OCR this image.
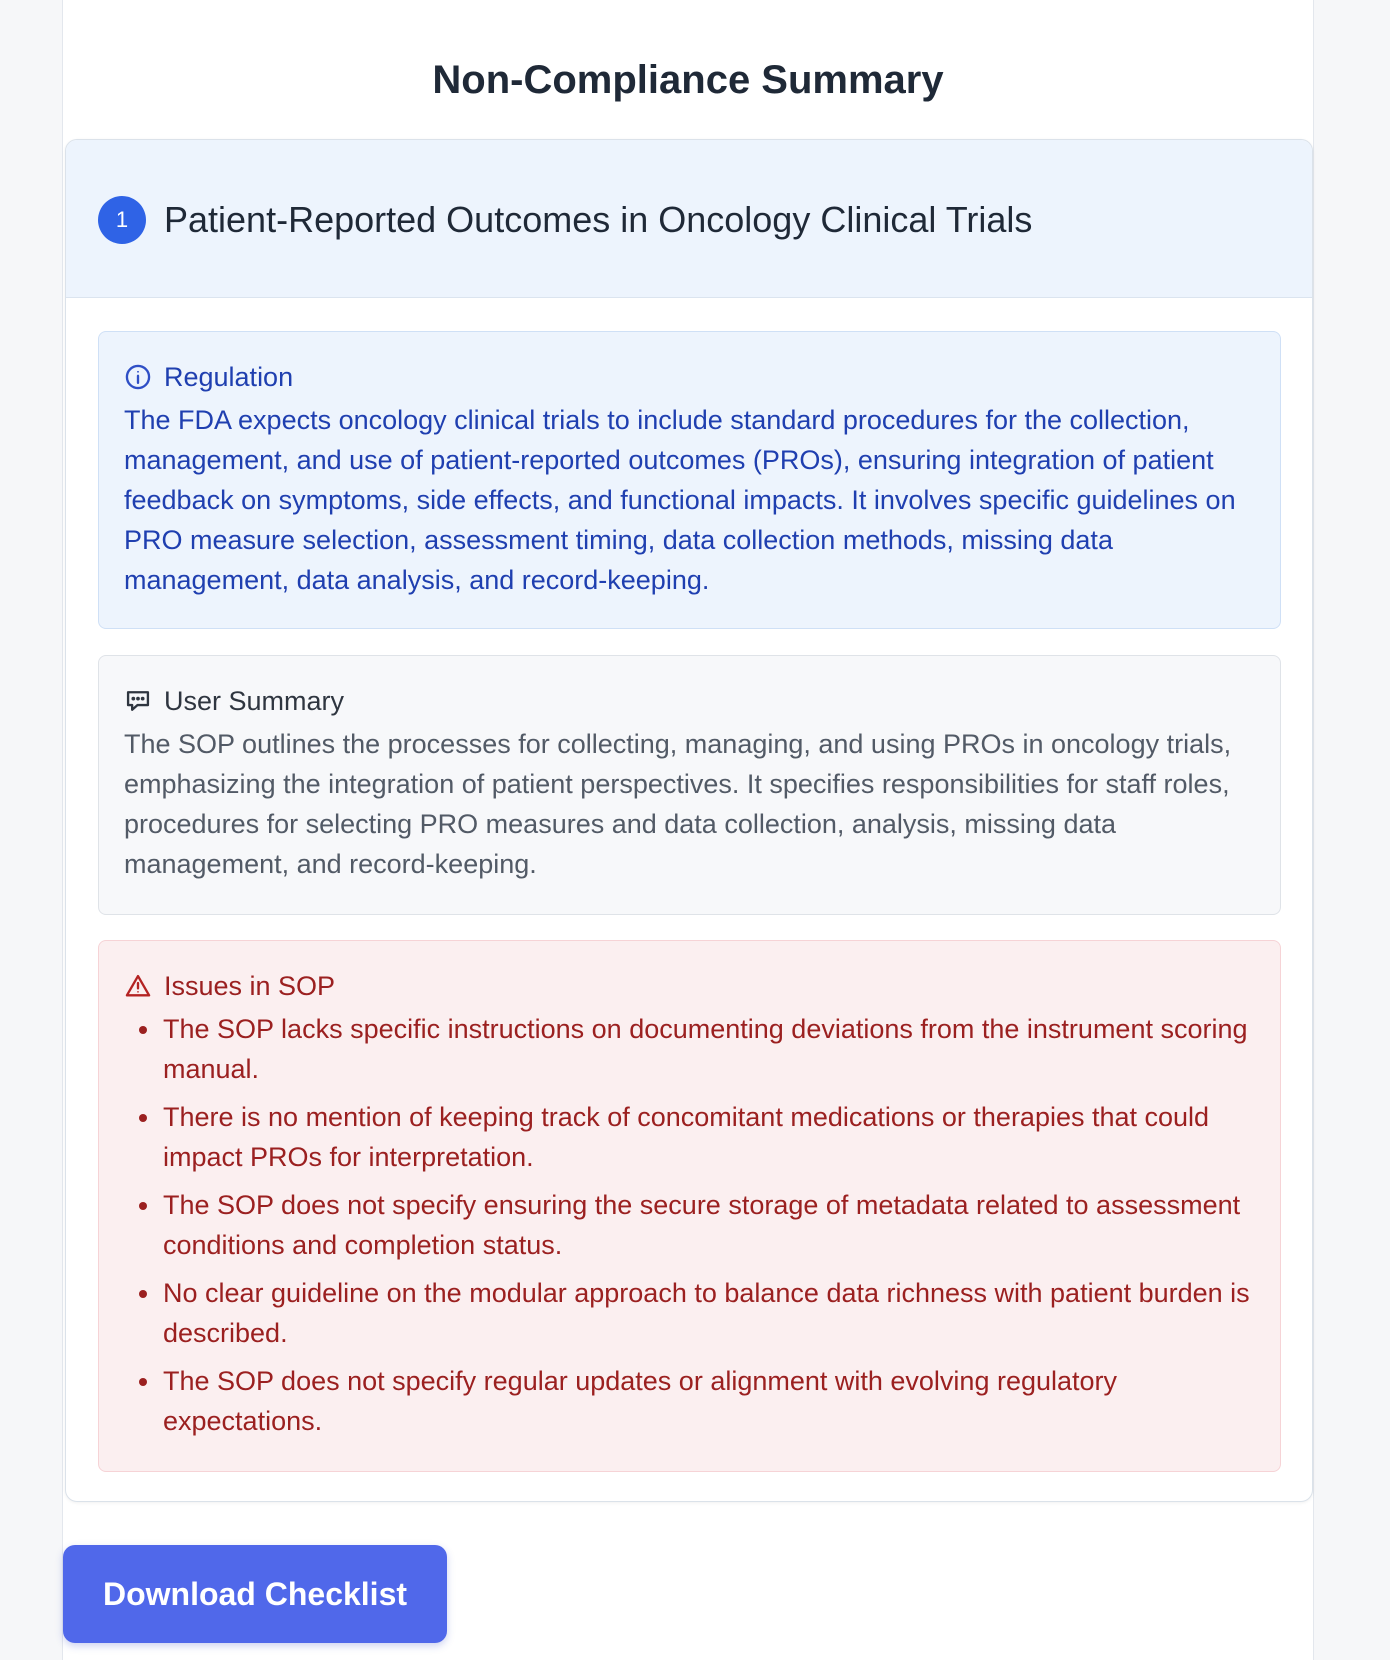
Non-Compliance Summary
1 Patient-Reported Outcomes in Oncology Clinical Trials
Regulation

The FDA expects oncology clinical trials to include standard procedures for the collection, management, and use of patient-reported outcomes (PROs), ensuring integration of patient feedback on symptoms, side effects, and functional impacts. It involves specific guidelines on PRO measure selection, assessment timing, data collection methods, missing data management, data analysis, and record-keeping.

User Summary

The SOP outlines the processes for collecting, managing, and using PROs in oncology trials, emphasizing the integration of patient perspectives. It specifies responsibilities for staff roles, procedures for selecting PRO measures and data collection, analysis, missing data management, and record-keeping.

Issues in SOP
The SOP lacks specific instructions on documenting deviations from the instrument scoring manual.
There is no mention of keeping track of concomitant medications or therapies that could impact PROs for interpretation.
The SOP does not specify ensuring the secure storage of metadata related to assessment conditions and completion status.
No clear guideline on the modular approach to balance data richness with patient burden is described.
The SOP does not specify regular updates or alignment with evolving regulatory expectations.
Download Checklist
